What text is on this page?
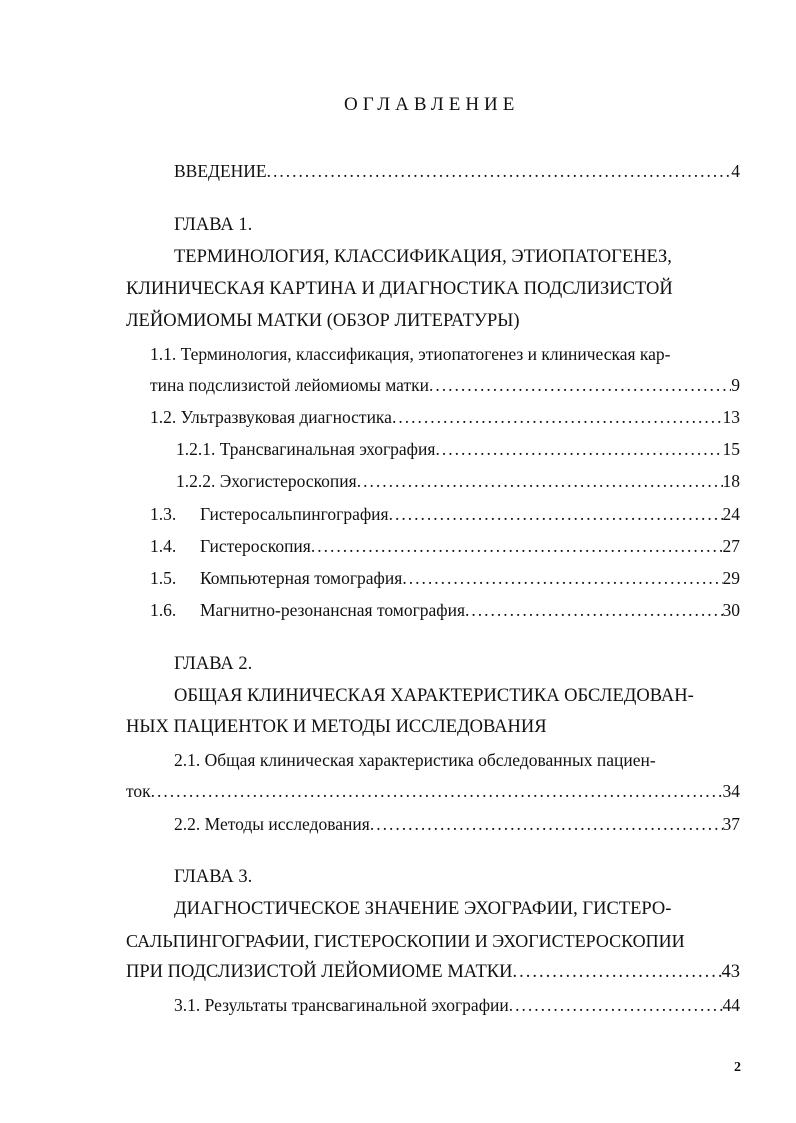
ОГЛАВЛЕНИЕ
ВВЕДЕНИЕ .....	4
ГЛАВА 1.
ТЕРМИНОЛОГИЯ, КЛАССИФИКАЦИЯ, ЭТИОПАТОГЕНЕЗ,
КЛИНИЧЕСКАЯ КАРТИНА И ДИАГНОСТИКА ПОДСЛИЗИСТОЙ
ЛЕЙОМИОМЫ МАТКИ (ОБЗОР ЛИТЕРАТУРЫ)
1.1. Терминология, классификация, этиопатогенез и клиническая кар-
тина подслизистой лейомиомы матки .....	9
1.2. Ультразвуковая диагностика .....	13
1.2.1. Трансвагинальная эхография .....	15
1.2.2. Эхогистероскопия .....	18
1.3.	Гистеросальпингография .....	24
1.4.	Гистероскопия .....	27
1.5.	Компьютерная томография .....	29
1.6.	Магнитно-резонансная томография .....	30
ГЛАВА 2.
ОБЩАЯ КЛИНИЧЕСКАЯ ХАРАКТЕРИСТИКА ОБСЛЕДОВАН-
НЫХ ПАЦИЕНТОК И МЕТОДЫ ИССЛЕДОВАНИЯ
2.1. Общая клиническая характеристика обследованных пациен-
ток .....	34
2.2. Методы исследования .....	37
ГЛАВА 3.
ДИАГНОСТИЧЕСКОЕ ЗНАЧЕНИЕ ЭХОГРАФИИ, ГИСТЕРО-
САЛЬПИНГОГРАФИИ, ГИСТЕРОСКОПИИ И ЭХОГИСТЕРОСКОПИИ
ПРИ ПОДСЛИЗИСТОЙ ЛЕЙОМИОМЕ МАТКИ .....	43
3.1. Результаты трансвагинальной эхографии .....	44
2
